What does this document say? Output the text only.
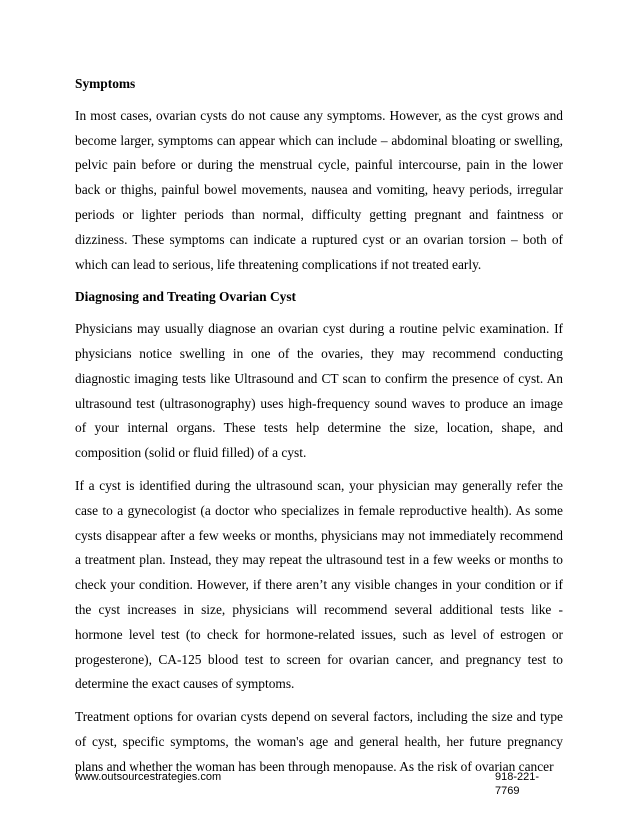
Symptoms

In most cases, ovarian cysts do not cause any symptoms. However, as the cyst grows and become larger, symptoms can appear which can include – abdominal bloating or swelling, pelvic pain before or during the menstrual cycle, painful intercourse, pain in the lower back or thighs, painful bowel movements, nausea and vomiting, heavy periods, irregular periods or lighter periods than normal, difficulty getting pregnant and faintness or dizziness. These symptoms can indicate a ruptured cyst or an ovarian torsion – both of which can lead to serious, life threatening complications if not treated early.

Diagnosing and Treating Ovarian Cyst

Physicians may usually diagnose an ovarian cyst during a routine pelvic examination. If physicians notice swelling in one of the ovaries, they may recommend conducting diagnostic imaging tests like Ultrasound and CT scan to confirm the presence of cyst. An ultrasound test (ultrasonography) uses high-frequency sound waves to produce an image of your internal organs. These tests help determine the size, location, shape, and composition (solid or fluid filled) of a cyst.

If a cyst is identified during the ultrasound scan, your physician may generally refer the case to a gynecologist (a doctor who specializes in female reproductive health). As some cysts disappear after a few weeks or months, physicians may not immediately recommend a treatment plan. Instead, they may repeat the ultrasound test in a few weeks or months to check your condition. However, if there aren’t any visible changes in your condition or if the cyst increases in size, physicians will recommend several additional tests like - hormone level test (to check for hormone-related issues, such as level of estrogen or progesterone), CA-125 blood test to screen for ovarian cancer, and pregnancy test to determine the exact causes of symptoms.

Treatment options for ovarian cysts depend on several factors, including the size and type of cyst, specific symptoms, the woman's age and general health, her future pregnancy plans and whether the woman has been through menopause. As the risk of ovarian cancer

www.outsourcestrategies.com	918-221-7769
